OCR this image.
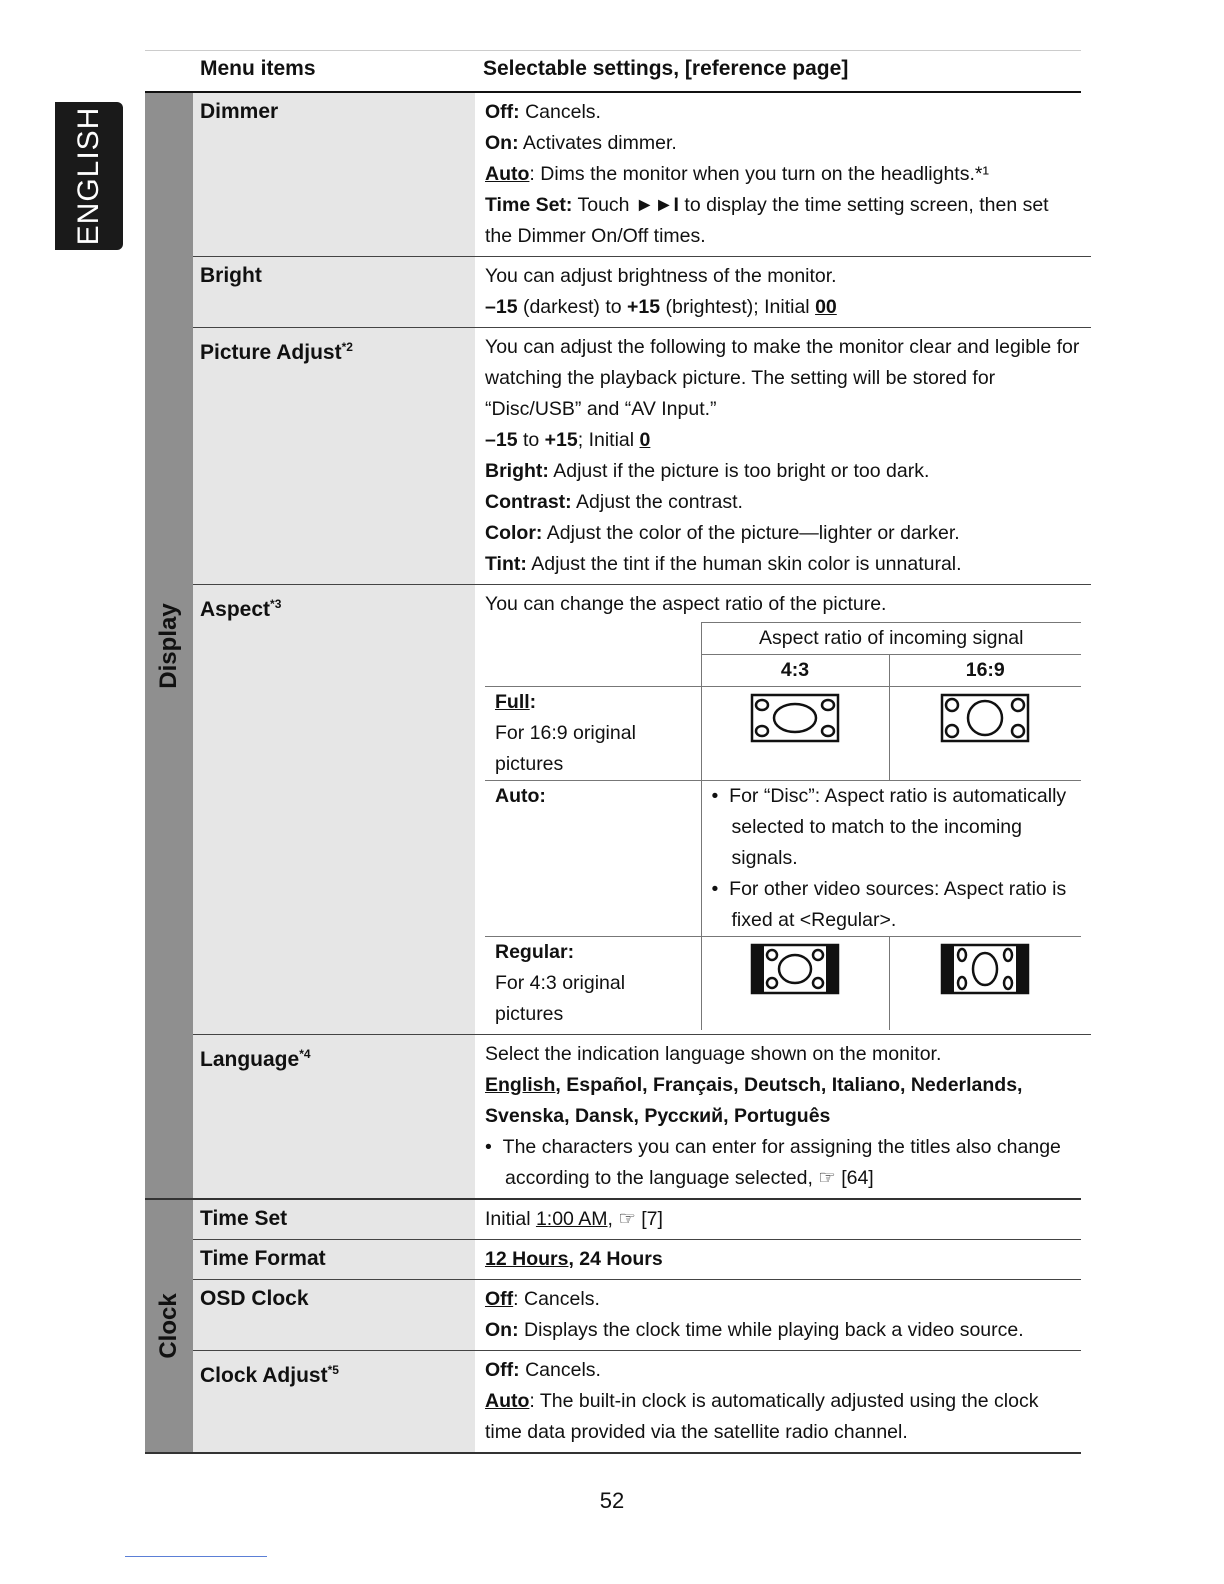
ENGLISH
Menu items	Selectable settings, [reference page]
Display
Dimmer	Off: Cancels.

On: Activates dimmer.

Auto: Dims the monitor when you turn on the headlights.*¹

Time Set: Touch ►►I to display the time setting screen, then set the Dimmer On/Off times.

Bright	You can adjust brightness of the monitor.

–15 (darkest) to +15 (brightest); Initial 00

Picture Adjust$^{*2}$	You can adjust the following to make the monitor clear and legible for watching the playback picture. The setting will be stored for “Disc/USB” and “AV Input.”

–15 to +15; Initial 0

Bright: Adjust if the picture is too bright or too dark.

Contrast: Adjust the contrast.

Color: Adjust the color of the picture—lighter or darker.

Tint: Adjust the tint if the human skin color is unnatural.

Aspect$^{*3}$	You can change the aspect ratio of the picture.

	Aspect ratio of incoming signal	
	4:3	16:9
Full:
For 16:9 original pictures		
Auto:	•  For “Disc”: Aspect ratio is automatically selected to match to the incoming signals.
•  For other video sources: Aspect ratio is fixed at <Regular>.	

Regular:
For 4:3 original pictures		
Language$^{*4}$	Select the indication language shown on the monitor.

English, Español, Français, Deutsch, Italiano, Nederlands, Svenska, Dansk, Русский, Português

•  The characters you can enter for assigning the titles also change according to the language selected, ☞ [64]

Clock
Time Set	Initial 1:00 AM, ☞ [7]

Time Format	12 Hours, 24 Hours

OSD Clock	Off: Cancels.

On: Displays the clock time while playing back a video source.

Clock Adjust$^{*5}$	Off: Cancels.

Auto: The built-in clock is automatically adjusted using the clock time data provided via the satellite radio channel.

52
